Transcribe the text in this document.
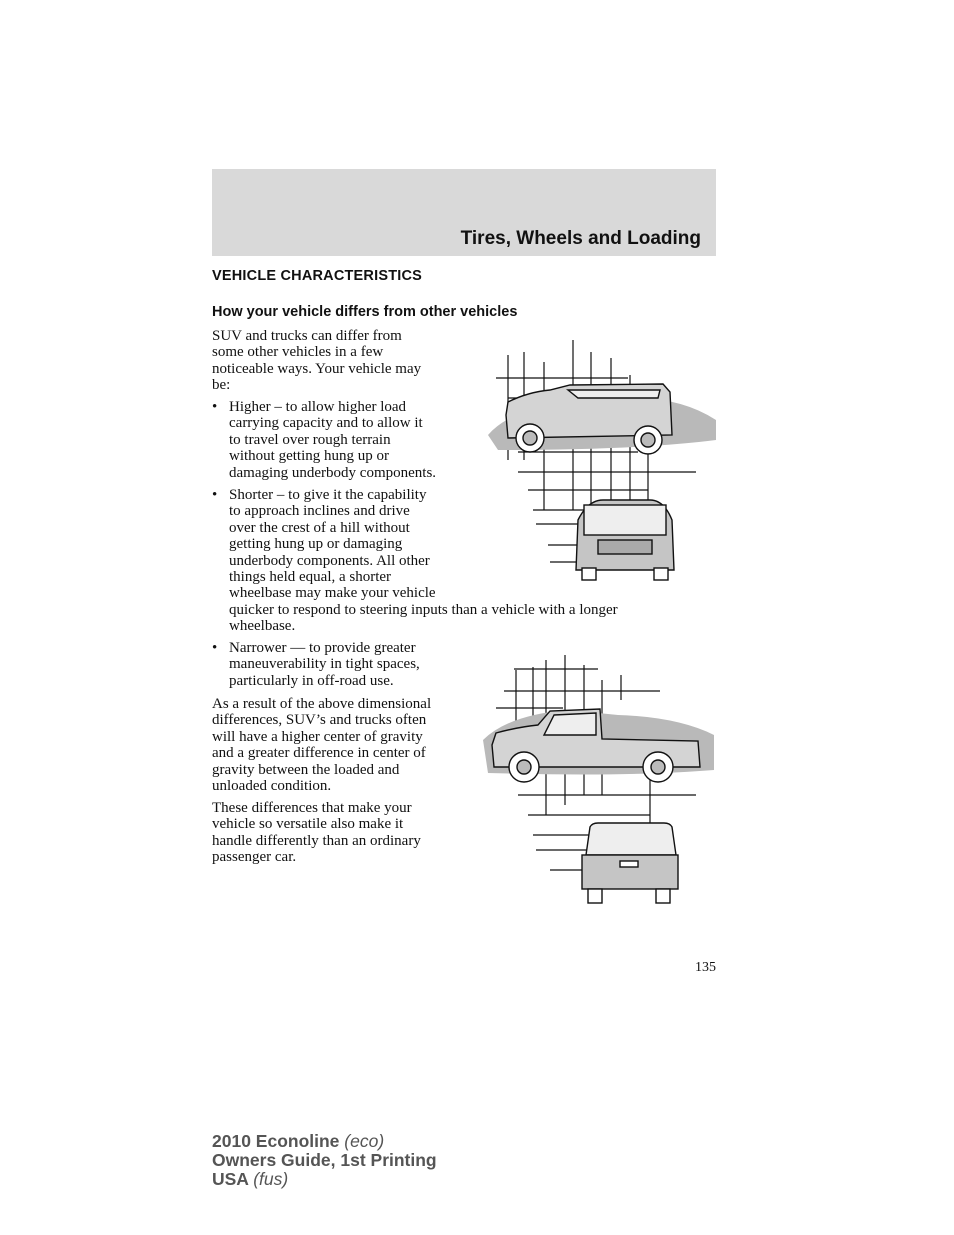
Tires, Wheels and Loading
VEHICLE CHARACTERISTICS
How your vehicle differs from other vehicles
SUV and trucks can differ from
some other vehicles in a few
noticeable ways. Your vehicle may
be:
• Higher – to allow higher load
carrying capacity and to allow it
to travel over rough terrain
without getting hung up or
damaging underbody components.
• Shorter – to give it the capability
to approach inclines and drive
over the crest of a hill without
getting hung up or damaging
underbody components. All other
things held equal, a shorter
wheelbase may make your vehicle
quicker to respond to steering inputs than a vehicle with a longer
wheelbase.
• Narrower — to provide greater
maneuverability in tight spaces,
particularly in off-road use.
As a result of the above dimensional
differences, SUV’s and trucks often
will have a higher center of gravity
and a greater difference in center of
gravity between the loaded and
unloaded condition.
These differences that make your
vehicle so versatile also make it
handle differently than an ordinary
passenger car.
135
2010 Econoline (eco)
Owners Guide, 1st Printing
USA (fus)
